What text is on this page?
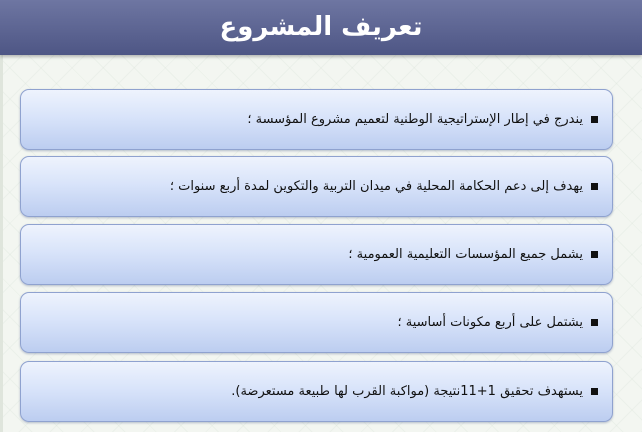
تعريف المشروع
يندرج في إطار الإستراتيجية الوطنية لتعميم مشروع المؤسسة ؛
يهدف إلى دعم الحكامة المحلية في ميدان التربية والتكوين لمدة أربع سنوات ؛
يشمل جميع المؤسسات التعليمية العمومية ؛
يشتمل على أربع مكونات أساسية ؛
يستهدف تحقيق 1+11نتيجة (مواكبة القرب لها طبيعة مستعرضة).
